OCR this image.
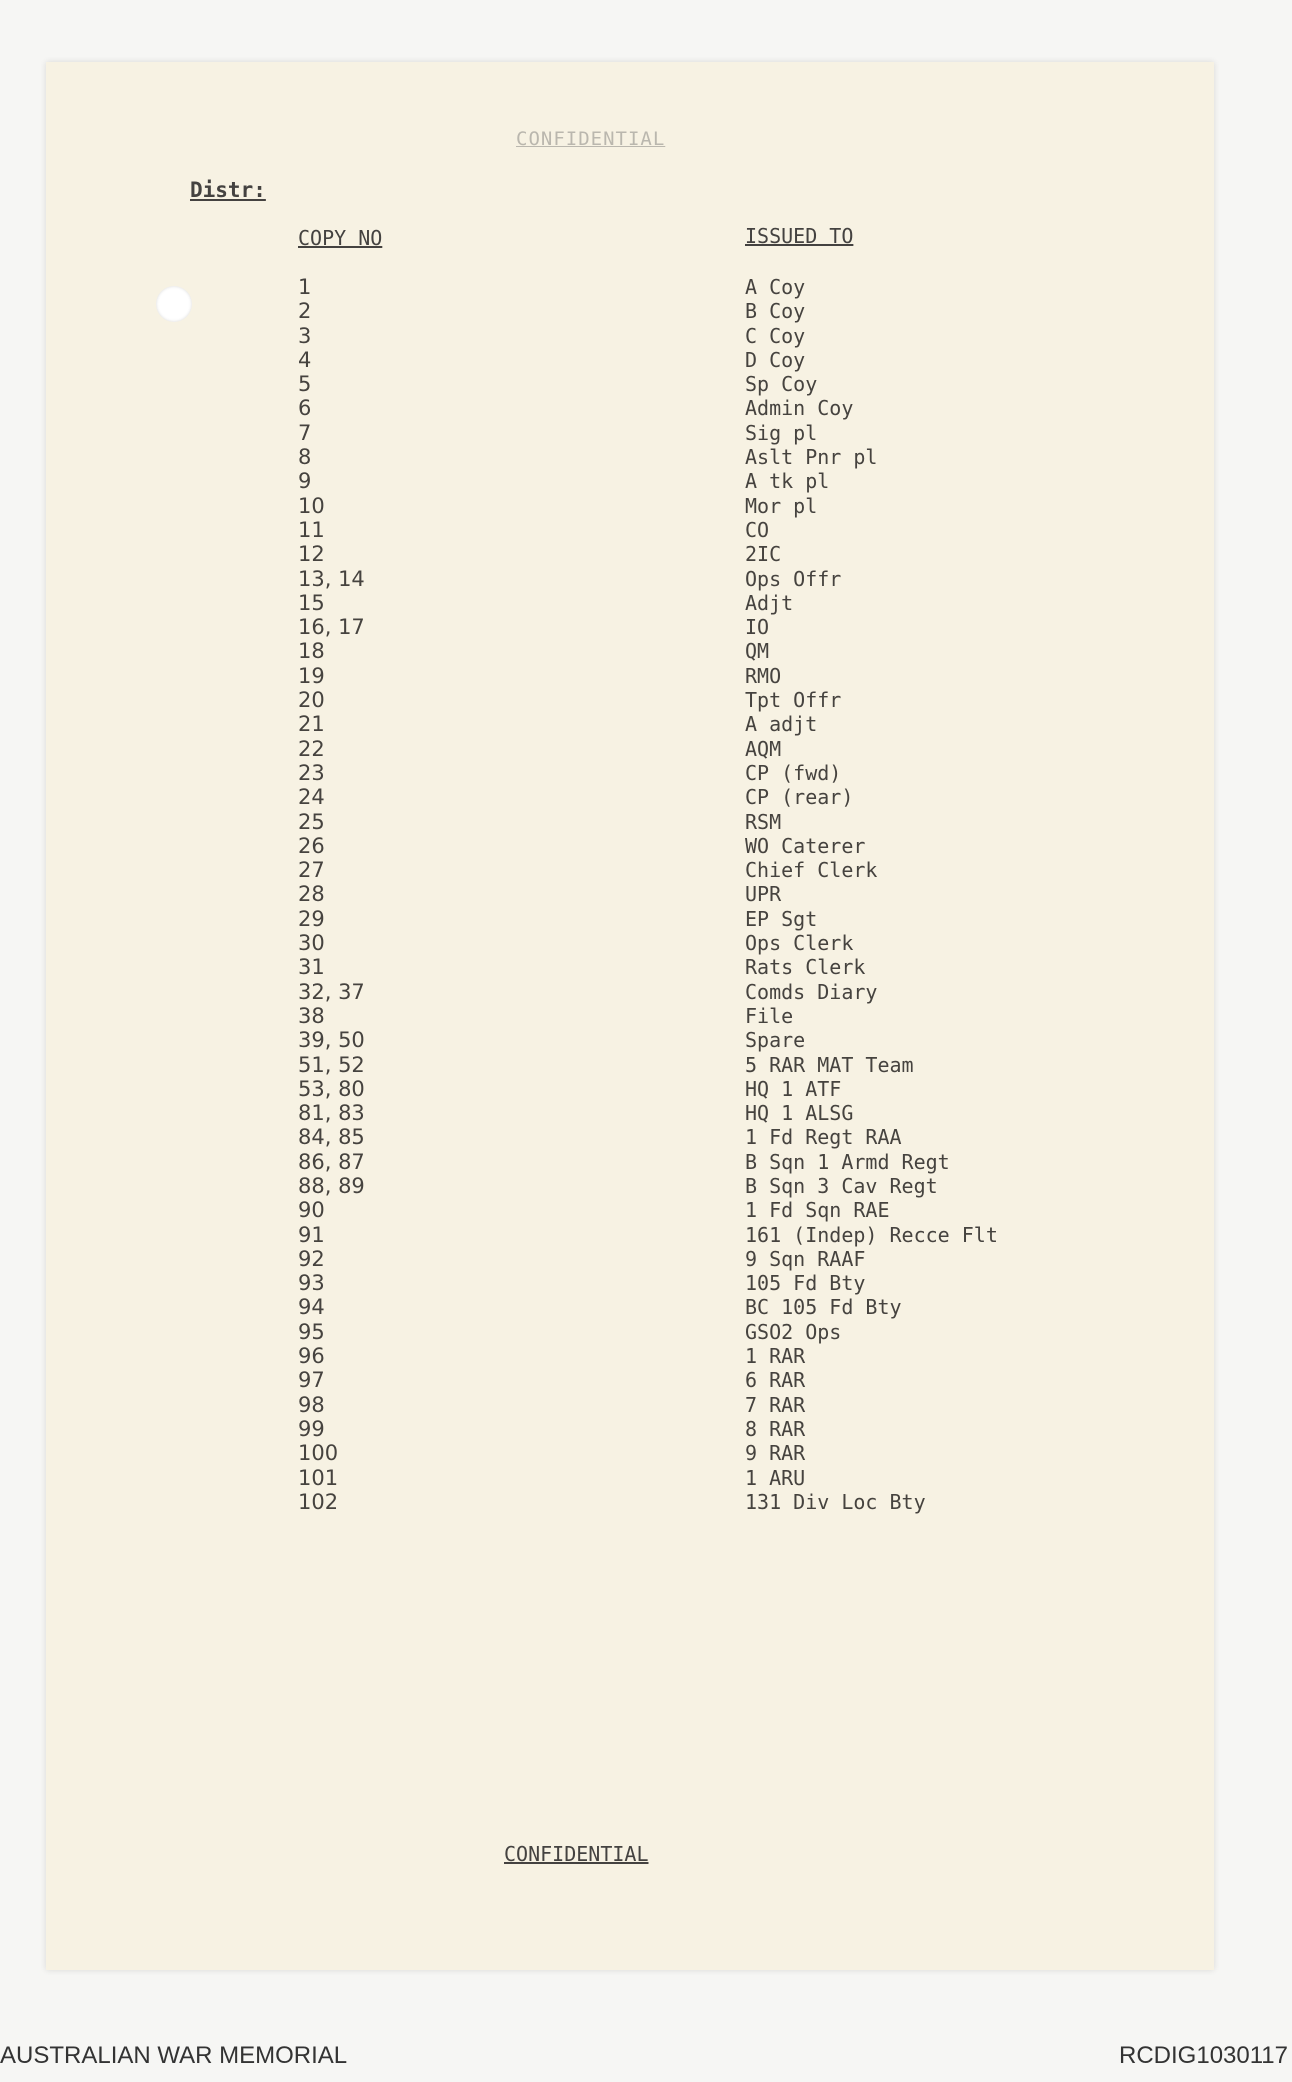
CONFIDENTIAL
Distr:
COPY NO	ISSUED TO
1	A Coy
2	B Coy
3	C Coy
4	D Coy
5	Sp Coy
6	Admin Coy
7	Sig pl
8	Aslt Pnr pl
9	A tk pl
10	Mor pl
11	CO
12	2IC
13, 14	Ops Offr
15	Adjt
16, 17	IO
18	QM
19	RMO
20	Tpt Offr
21	A adjt
22	AQM
23	CP (fwd)
24	CP (rear)
25	RSM
26	WO Caterer
27	Chief Clerk
28	UPR
29	EP Sgt
30	Ops Clerk
31	Rats Clerk
32, 37	Comds Diary
38	File
39, 50	Spare
51, 52	5 RAR MAT Team
53, 80	HQ 1 ATF
81, 83	HQ 1 ALSG
84, 85	1 Fd Regt RAA
86, 87	B Sqn 1 Armd Regt
88, 89	B Sqn 3 Cav Regt
90	1 Fd Sqn RAE
91	161 (Indep) Recce Flt
92	9 Sqn RAAF
93	105 Fd Bty
94	BC 105 Fd Bty
95	GSO2 Ops
96	1 RAR
97	6 RAR
98	7 RAR
99	8 RAR
100	9 RAR
101	1 ARU
102	131 Div Loc Bty
CONFIDENTIAL
AUSTRALIAN WAR MEMORIAL	RCDIG1030117
